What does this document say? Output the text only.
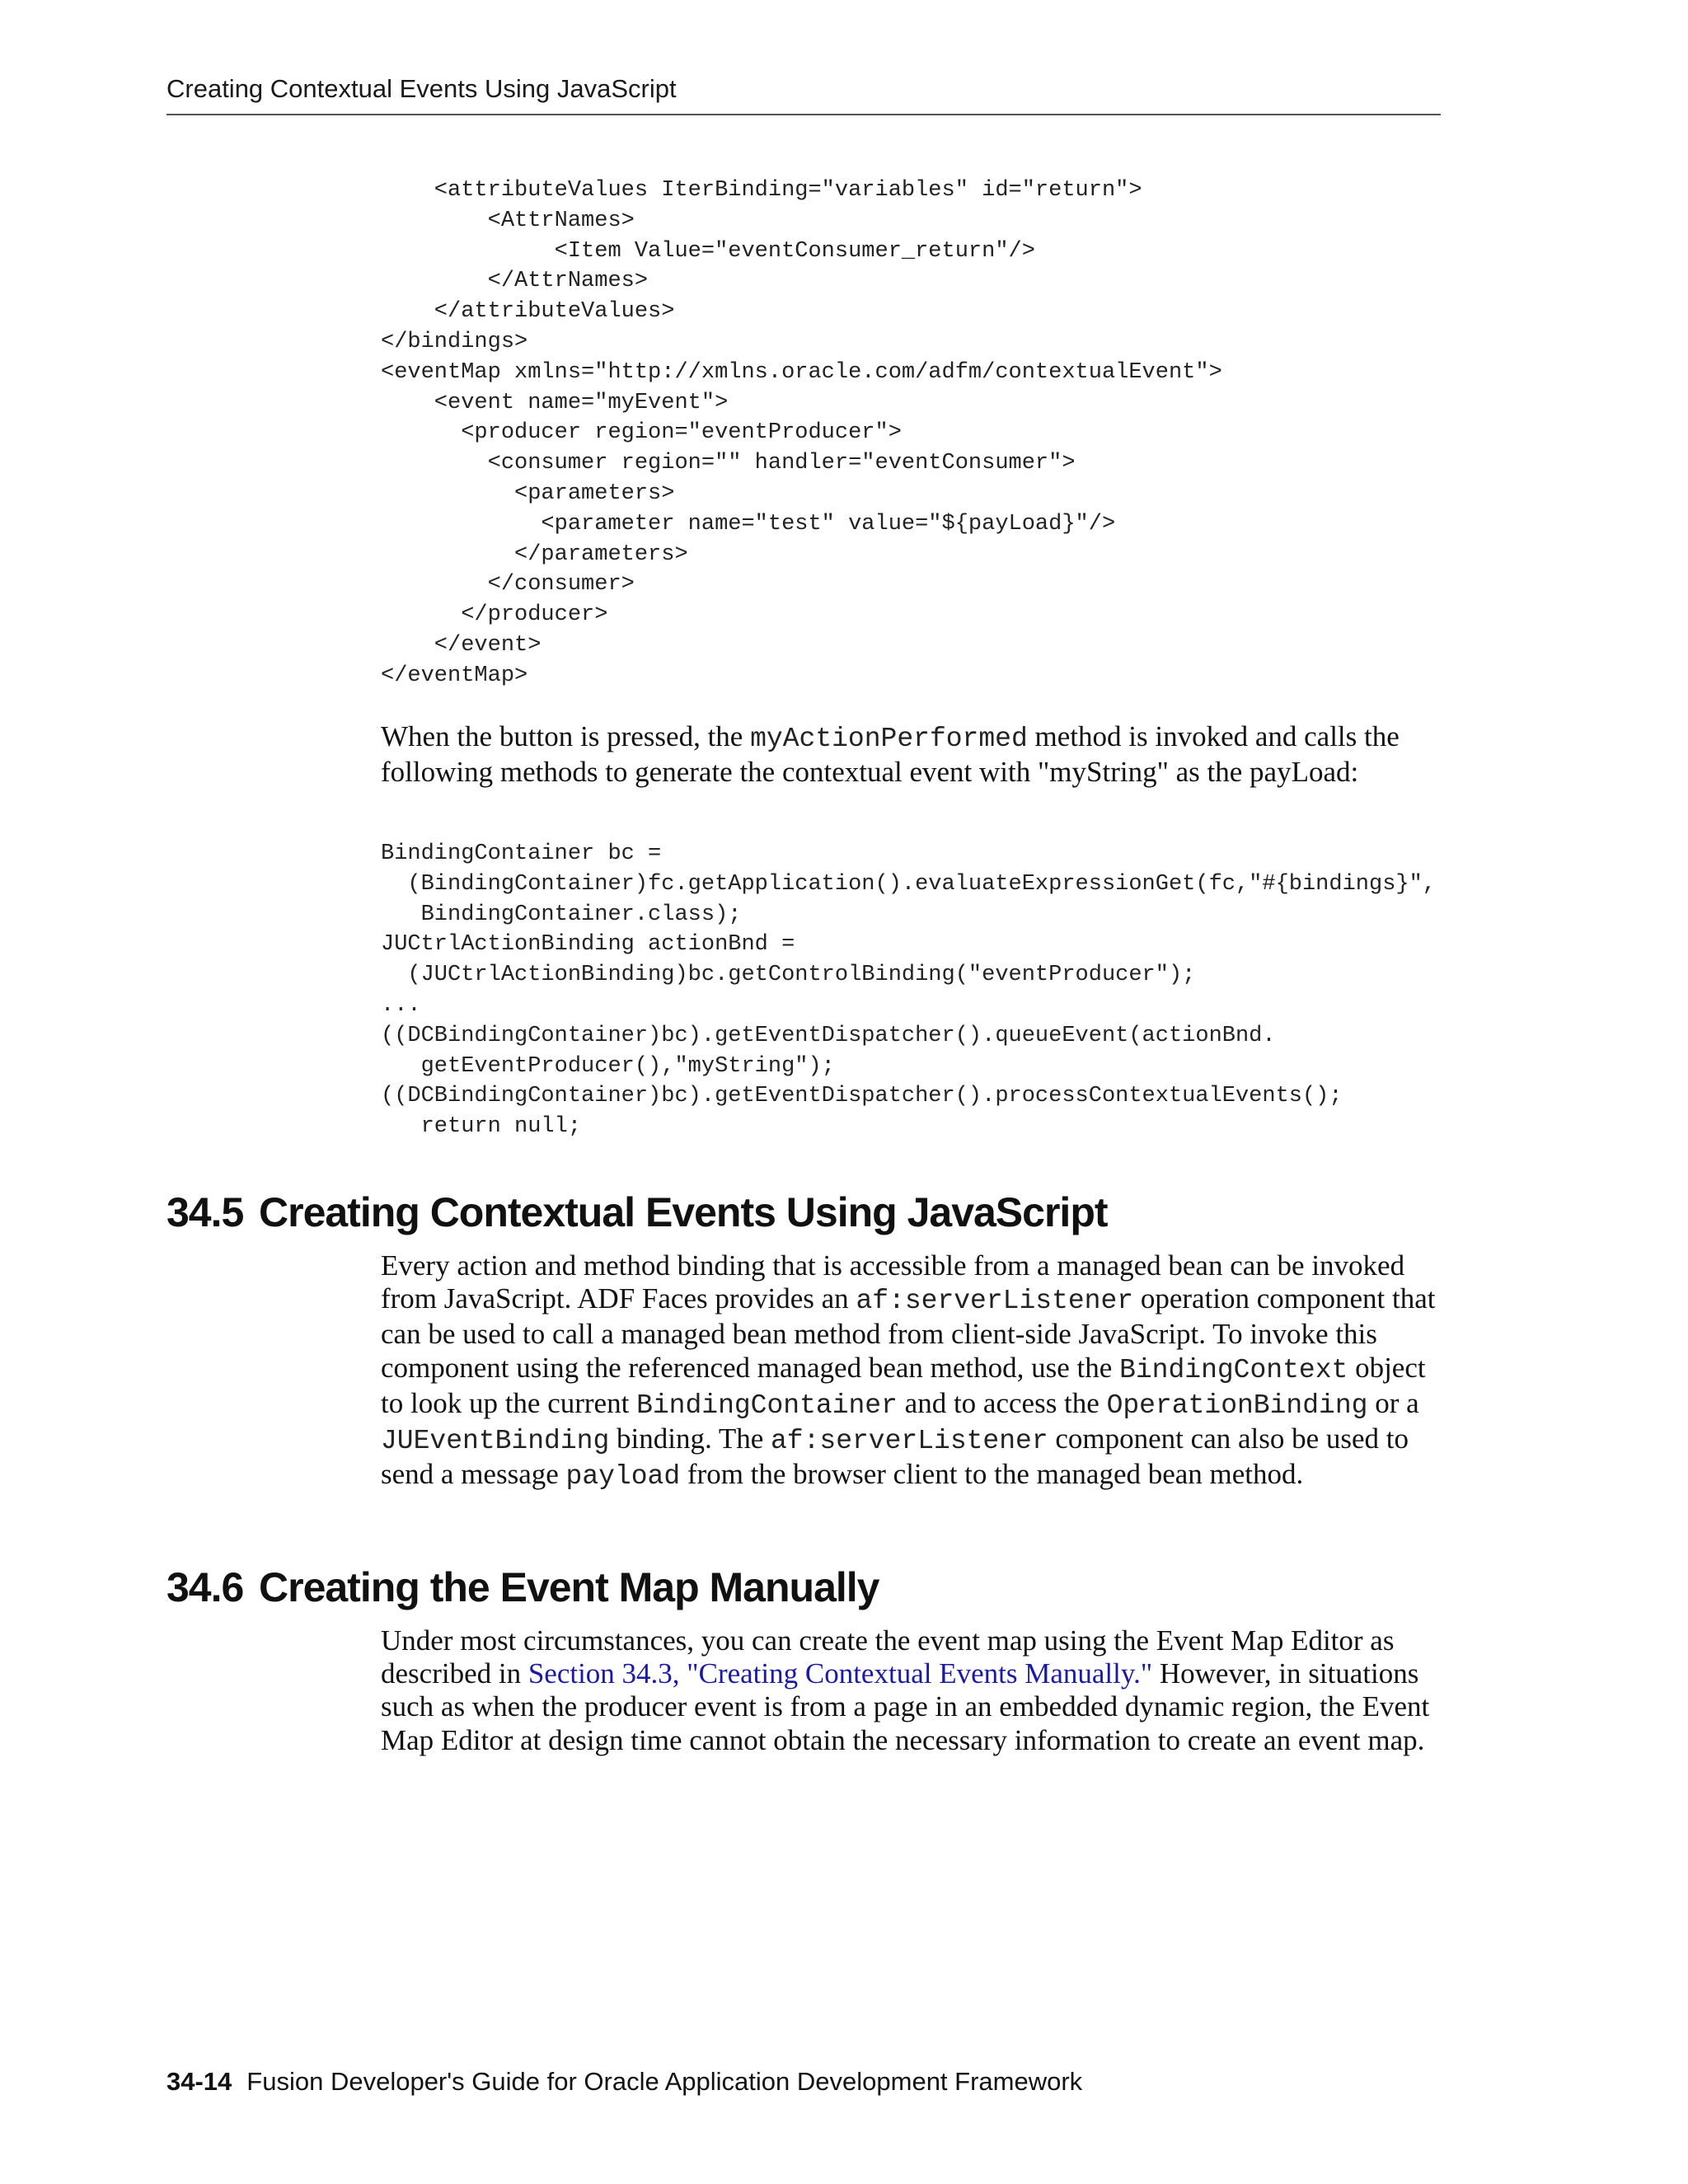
Creating Contextual Events Using JavaScript
<attributeValues IterBinding="variables" id="return">
<AttrNames>
<Item Value="eventConsumer_return"/>
</AttrNames>
</attributeValues>
</bindings>
<eventMap xmlns="http://xmlns.oracle.com/adfm/contextualEvent">
<event name="myEvent">
<producer region="eventProducer">
<consumer region="" handler="eventConsumer">
<parameters>
<parameter name="test" value="${payLoad}"/>
</parameters>
</consumer>
</producer>
</event>
</eventMap>

When the button is pressed, the myActionPerformed method is invoked and calls the following methods to generate the contextual event with "myString" as the payLoad:

BindingContainer bc =
(BindingContainer)fc.getApplication().evaluateExpressionGet(fc,"#{bindings}",
BindingContainer.class);
JUCtrlActionBinding actionBnd =
(JUCtrlActionBinding)bc.getControlBinding("eventProducer");
...
((DCBindingContainer)bc).getEventDispatcher().queueEvent(actionBnd.
getEventProducer(),"myString");
((DCBindingContainer)bc).getEventDispatcher().processContextualEvents();
return null;

34.5 Creating Contextual Events Using JavaScript

Every action and method binding that is accessible from a managed bean can be invoked from JavaScript. ADF Faces provides an af:serverListener operation component that can be used to call a managed bean method from client-side JavaScript. To invoke this component using the referenced managed bean method, use the BindingContext object to look up the current BindingContainer and to access the OperationBinding or a JUEventBinding binding. The af:serverListener component can also be used to send a message payload from the browser client to the managed bean method.

34.6 Creating the Event Map Manually

Under most circumstances, you can create the event map using the Event Map Editor as described in Section 34.3, "Creating Contextual Events Manually." However, in situations such as when the producer event is from a page in an embedded dynamic region, the Event Map Editor at design time cannot obtain the necessary information to create an event map.

34-14 Fusion Developer's Guide for Oracle Application Development Framework
